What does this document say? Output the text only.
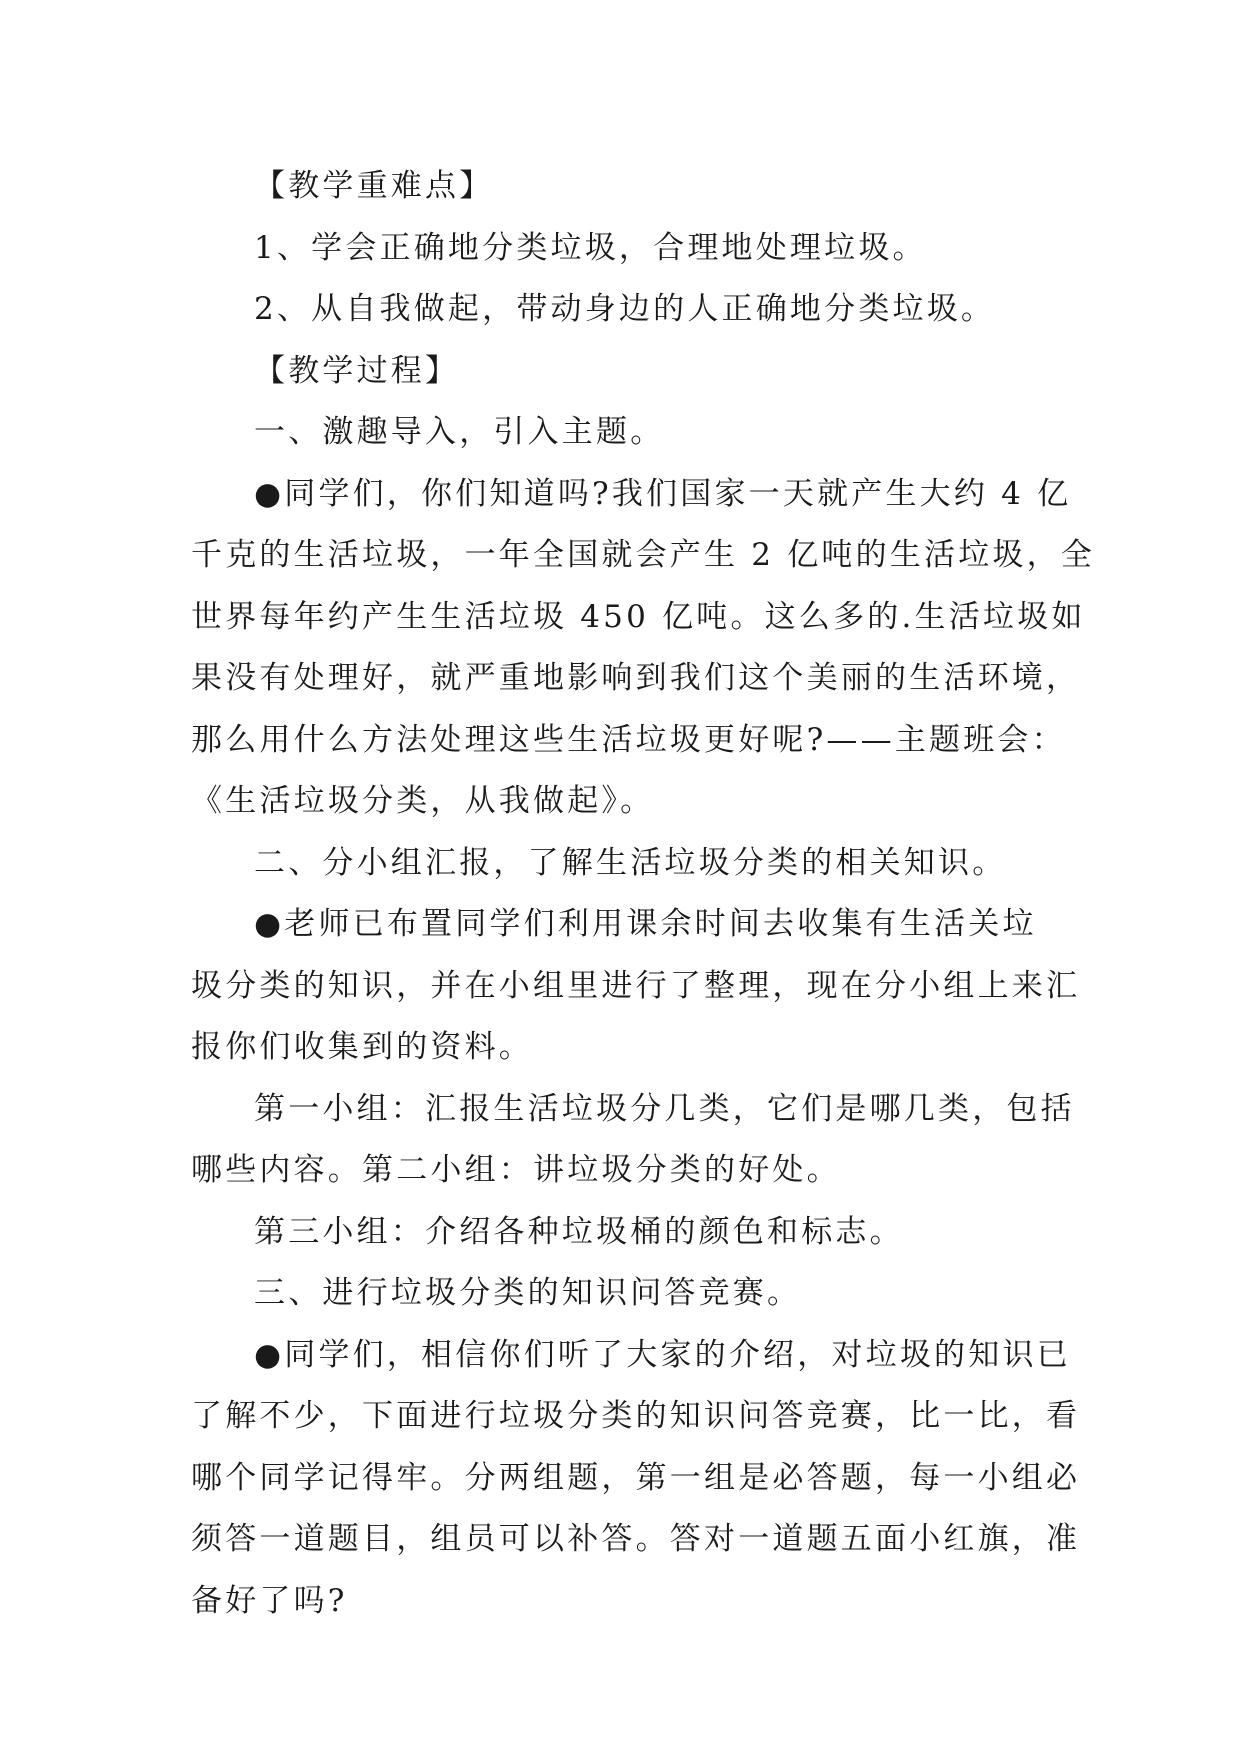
【教学重难点】

1、学会正确地分类垃圾，合理地处理垃圾。

2、从自我做起，带动身边的人正确地分类垃圾。

【教学过程】

一、激趣导入，引入主题。

●同学们，你们知道吗?我们国家一天就产生大约 4 亿

千克的生活垃圾，一年全国就会产生 2 亿吨的生活垃圾，全

世界每年约产生生活垃圾 450 亿吨。这么多的.生活垃圾如

果没有处理好，就严重地影响到我们这个美丽的生活环境，

那么用什么方法处理这些生活垃圾更好呢?——主题班会：

《生活垃圾分类，从我做起》。

二、分小组汇报，了解生活垃圾分类的相关知识。

●老师已布置同学们利用课余时间去收集有生活关垃

圾分类的知识，并在小组里进行了整理，现在分小组上来汇

报你们收集到的资料。

第一小组：汇报生活垃圾分几类，它们是哪几类，包括

哪些内容。第二小组：讲垃圾分类的好处。

第三小组：介绍各种垃圾桶的颜色和标志。

三、进行垃圾分类的知识问答竞赛。

●同学们，相信你们听了大家的介绍，对垃圾的知识已

了解不少，下面进行垃圾分类的知识问答竞赛，比一比，看

哪个同学记得牢。分两组题，第一组是必答题，每一小组必

须答一道题目，组员可以补答。答对一道题五面小红旗，准

备好了吗?
